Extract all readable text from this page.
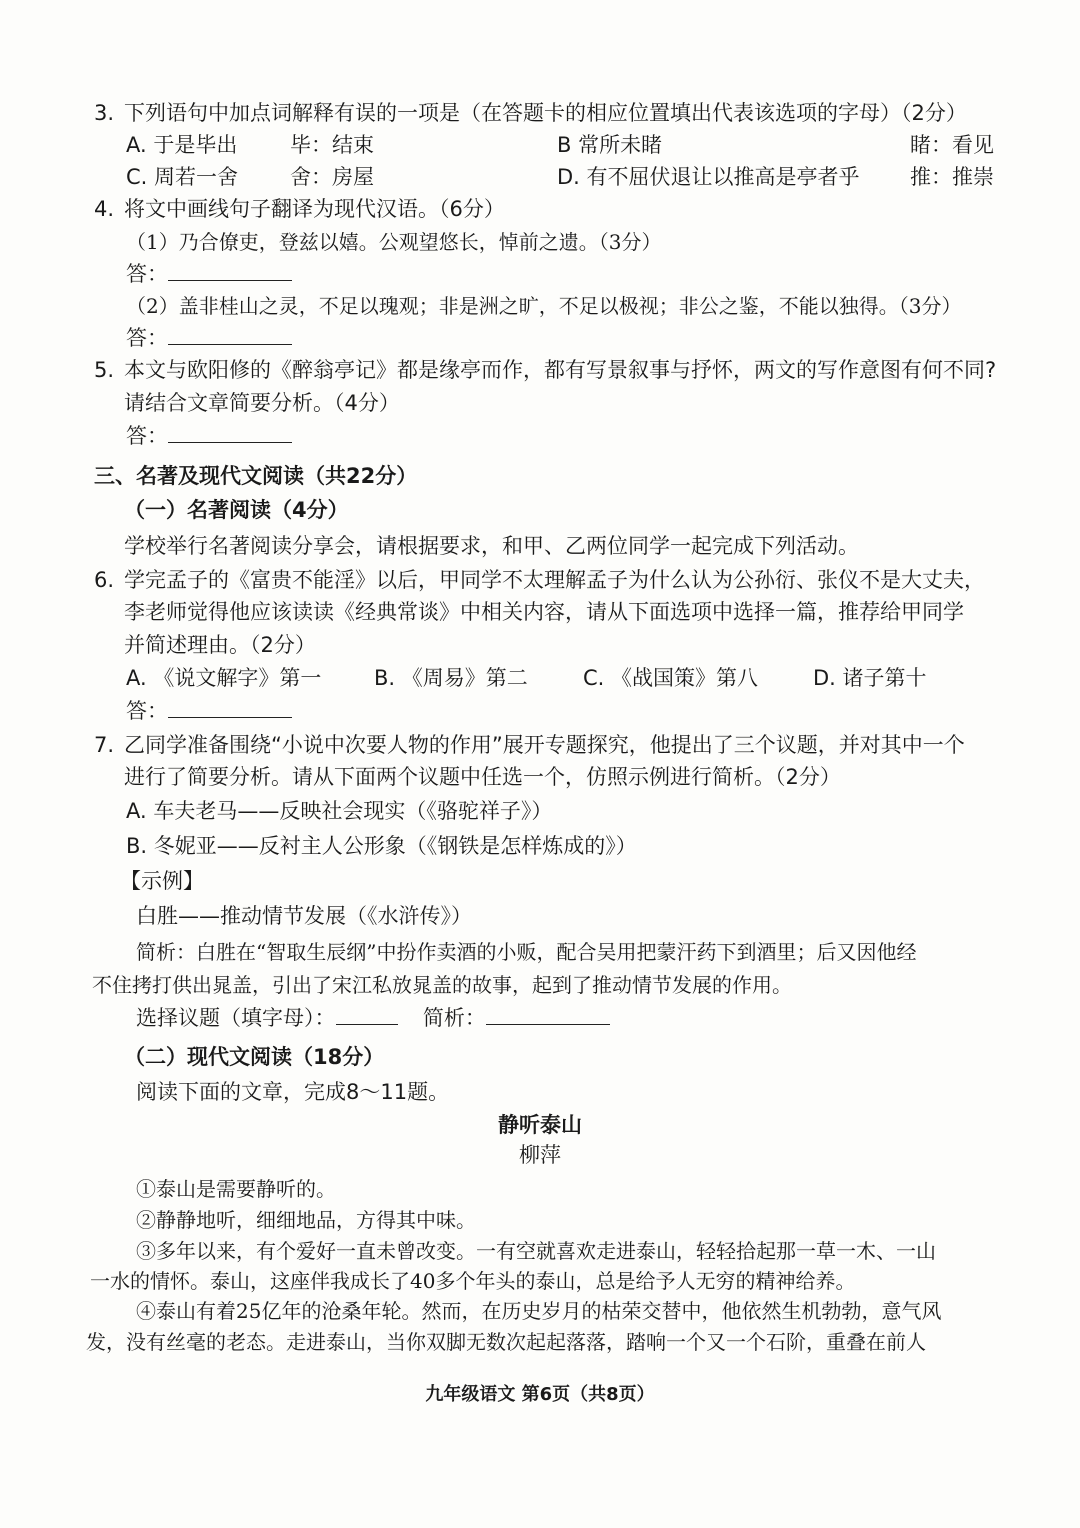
3. 下列语句中加点词解释有误的一项是（在答题卡的相应位置填出代表该选项的字母）（2分）
A. 于是毕出	毕：结束	B 常所未睹	睹：看见
C. 周若一舍 舍：房屋	D. 有不屈伏退让以推高是亭者乎 推：推崇
4. 将文中画线句子翻译为现代汉语。（6分）
（1）乃合僚吏，登兹以嬉。公观望悠长，悼前之遗。（3分）
答：
（2）盖非桂山之灵，不足以瑰观；非是洲之旷，不足以极视；非公之鉴，不能以独得。（3分）
答：
5. 本文与欧阳修的《醉翁亭记》都是缘亭而作，都有写景叙事与抒怀，两文的写作意图有何不同?
请结合文章简要分析。（4分）
答：
三、名著及现代文阅读（共22分）
（一）名著阅读（4分）
学校举行名著阅读分享会，请根据要求，和甲、乙两位同学一起完成下列活动。
6. 学完孟子的《富贵不能淫》以后，甲同学不太理解孟子为什么认为公孙衍、张仪不是大丈夫，
李老师觉得他应该读读《经典常谈》中相关内容，请从下面选项中选择一篇，推荐给甲同学
并简述理由。（2分）
A. 《说文解字》第一	B. 《周易》第二	C. 《战国策》第八	D. 诸子第十
答：
7. 乙同学准备围绕“小说中次要人物的作用”展开专题探究，他提出了三个议题，并对其中一个
进行了简要分析。请从下面两个议题中任选一个，仿照示例进行简析。（2分）
A. 车夫老马——反映社会现实（《骆驼祥子》）
B. 冬妮亚——反衬主人公形象（《钢铁是怎样炼成的》）
【示例】
白胜——推动情节发展（《水浒传》）
简析：白胜在“智取生辰纲”中扮作卖酒的小贩，配合吴用把蒙汗药下到酒里；后又因他经
不住拷打供出晁盖，引出了宋江私放晁盖的故事，起到了推动情节发展的作用。
选择议题（填字母）：	简析：
（二）现代文阅读（18分）
阅读下面的文章，完成8～11题。
静听泰山
柳萍
①泰山是需要静听的。
②静静地听，细细地品，方得其中味。
③多年以来，有个爱好一直未曾改变。一有空就喜欢走进泰山，轻轻拾起那一草一木、一山
一水的情怀。泰山，这座伴我成长了40多个年头的泰山，总是给予人无穷的精神给养。
④泰山有着25亿年的沧桑年轮。然而，在历史岁月的枯荣交替中，他依然生机勃勃，意气风
发，没有丝毫的老态。走进泰山，当你双脚无数次起起落落，踏响一个又一个石阶，重叠在前人
九年级语文 第6页（共8页）
